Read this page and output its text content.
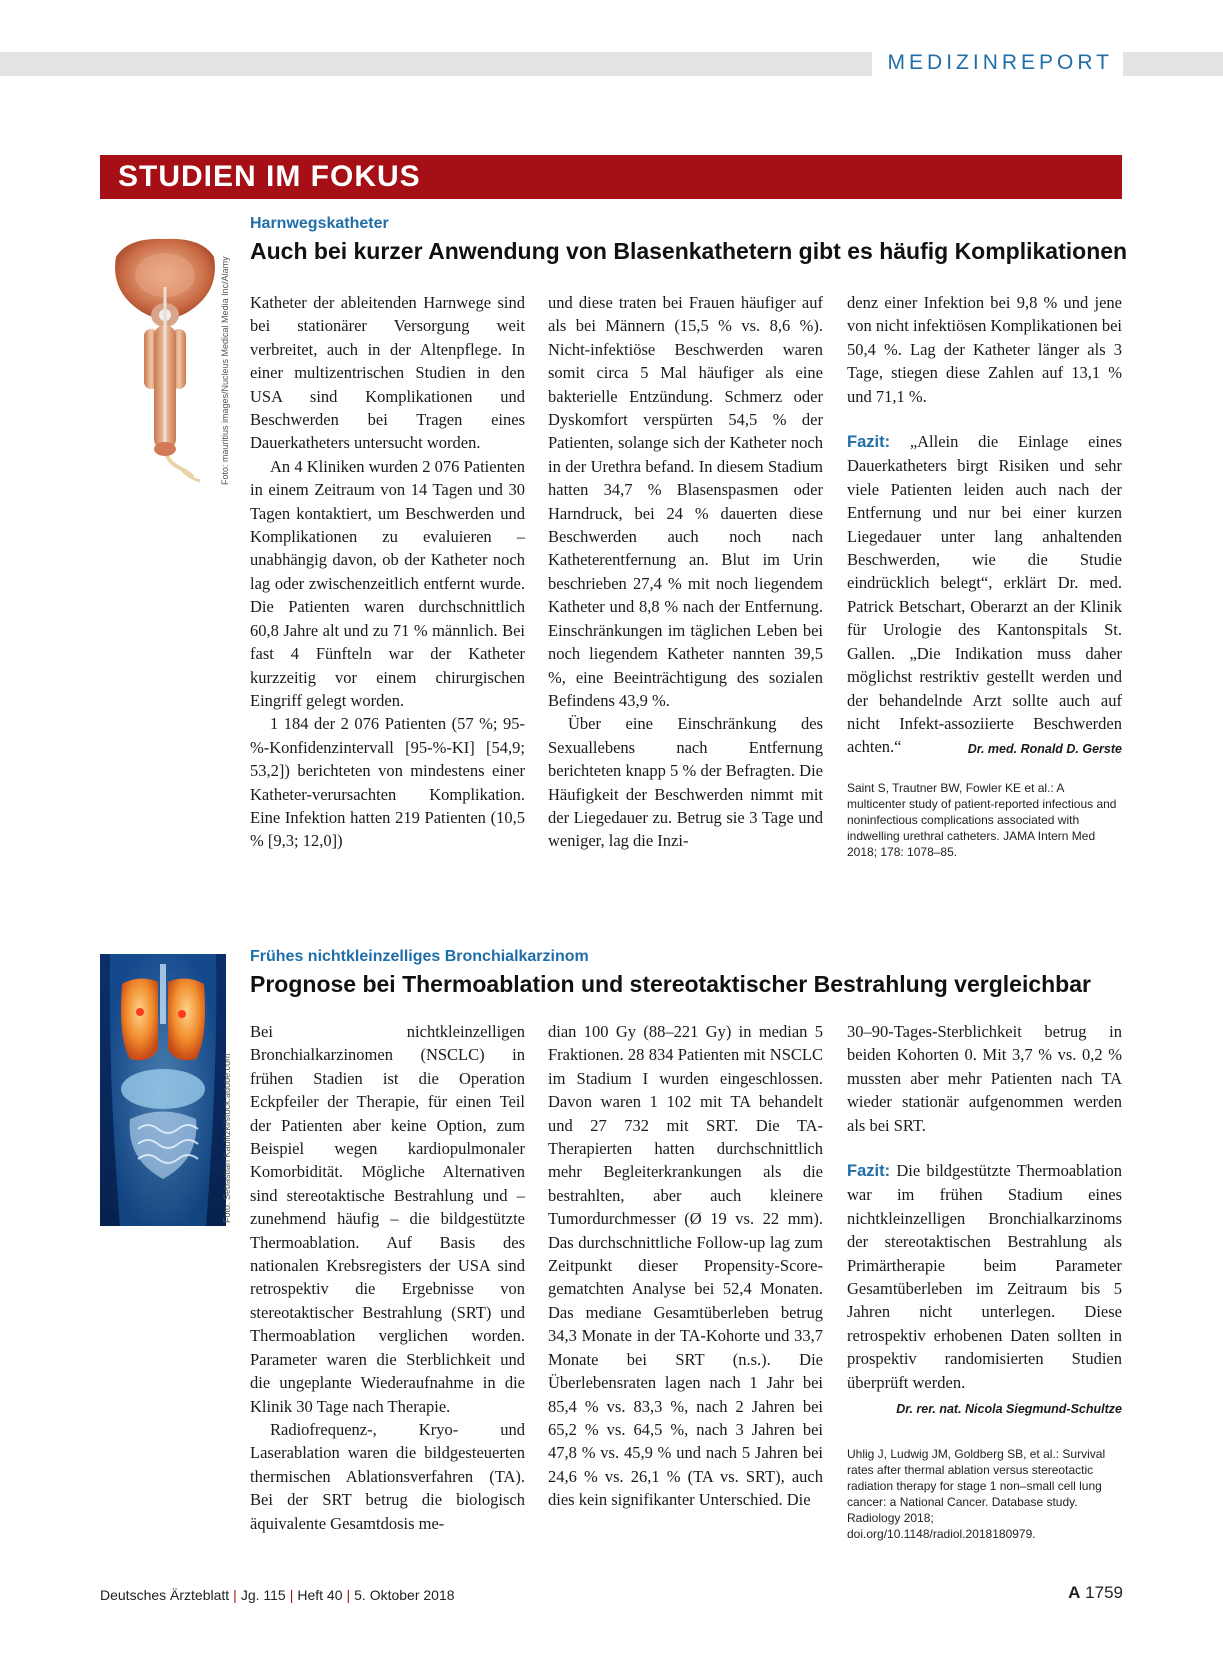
MEDIZINREPORT
STUDIEN IM FOKUS
Foto: mauritius images/Nucleus Medical Media Inc/Alamy
Harnwegskatheter
Auch bei kurzer Anwendung von Blasenkathetern gibt es häufig Komplikationen

Katheter der ableitenden Harnwege sind bei stationärer Versorgung weit verbreitet, auch in der Altenpflege. In einer multizentrischen Studien in den USA sind Komplikationen und Beschwerden bei Tragen eines Dauerkatheters untersucht worden.

An 4 Kliniken wurden 2 076 Patienten in einem Zeitraum von 14 Tagen und 30 Tagen kontaktiert, um Beschwerden und Komplikationen zu evaluieren – unabhängig davon, ob der Katheter noch lag oder zwischenzeitlich entfernt wurde. Die Patienten waren durchschnittlich 60,8 Jahre alt und zu 71 % männlich. Bei fast 4 Fünfteln war der Katheter kurzzeitig vor einem chirurgischen Eingriff gelegt worden.

1 184 der 2 076 Patienten (57 %; 95-%-Konfidenzintervall [95-%-KI] [54,9; 53,2]) berichteten von mindestens einer Katheter-verursachten Komplikation. Eine Infektion hatten 219 Patienten (10,5 % [9,3; 12,0])

und diese traten bei Frauen häufiger auf als bei Männern (15,5 % vs. 8,6 %). Nicht-infektiöse Beschwerden waren somit circa 5 Mal häufiger als eine bakterielle Entzündung. Schmerz oder Dyskomfort verspürten 54,5 % der Patienten, solange sich der Katheter noch in der Urethra befand. In diesem Stadium hatten 34,7 % Blasenspasmen oder Harndruck, bei 24 % dauerten diese Beschwerden auch noch nach Katheterentfernung an. Blut im Urin beschrieben 27,4 % mit noch liegendem Katheter und 8,8 % nach der Entfernung. Einschränkungen im täglichen Leben bei noch liegendem Katheter nannten 39,5 %, eine Beeinträchtigung des sozialen Befindens 43,9 %.

Über eine Einschränkung des Sexuallebens nach Entfernung berichteten knapp 5 % der Befragten. Die Häufigkeit der Beschwerden nimmt mit der Liegedauer zu. Betrug sie 3 Tage und weniger, lag die Inzi-

denz einer Infektion bei 9,8 % und jene von nicht infektiösen Komplikationen bei 50,4 %. Lag der Katheter länger als 3 Tage, stiegen diese Zahlen auf 13,1 % und 71,1 %.

Fazit: „Allein die Einlage eines Dauerkatheters birgt Risiken und sehr viele Patienten leiden auch nach der Entfernung und nur bei einer kurzen Liegedauer unter lang anhaltenden Beschwerden, wie die Studie eindrücklich belegt“, erklärt Dr. med. Patrick Betschart, Oberarzt an der Klinik für Urologie des Kantonspitals St. Gallen. „Die Indikation muss daher möglichst restriktiv gestellt werden und der behandelnde Arzt sollte auch auf nicht Infekt-assoziierte Beschwerden achten.“	Dr. med. Ronald D. Gerste

Saint S, Trautner BW, Fowler KE et al.: A multicenter study of patient-reported infectious and noninfectious complications associated with indwelling urethral catheters. JAMA Intern Med 2018; 178: 1078–85.

Foto: Sebastian Kaulitzki/stock.adobe.com
Frühes nichtkleinzelliges Bronchialkarzinom
Prognose bei Thermoablation und stereotaktischer Bestrahlung vergleichbar

Bei nichtkleinzelligen Bronchialkarzinomen (NSCLC) in frühen Stadien ist die Operation Eckpfeiler der Therapie, für einen Teil der Patienten aber keine Option, zum Beispiel wegen kardiopulmonaler Komorbidität. Mögliche Alternativen sind stereotaktische Bestrahlung und – zunehmend häufig – die bildgestützte Thermoablation. Auf Basis des nationalen Krebsregisters der USA sind retrospektiv die Ergebnisse von stereotaktischer Bestrahlung (SRT) und Thermoablation verglichen worden. Parameter waren die Sterblichkeit und die ungeplante Wiederaufnahme in die Klinik 30 Tage nach Therapie.

Radiofrequenz-, Kryo- und Laserablation waren die bildgesteuerten thermischen Ablationsverfahren (TA). Bei der SRT betrug die biologisch äquivalente Gesamtdosis me-

dian 100 Gy (88–221 Gy) in median 5 Fraktionen. 28 834 Patienten mit NSCLC im Stadium I wurden eingeschlossen. Davon waren 1 102 mit TA behandelt und 27 732 mit SRT. Die TA-Therapierten hatten durchschnittlich mehr Begleiterkrankungen als die bestrahlten, aber auch kleinere Tumordurchmesser (Ø 19 vs. 22 mm). Das durchschnittliche Follow-up lag zum Zeitpunkt dieser Propensity-Score-gematchten Analyse bei 52,4 Monaten. Das mediane Gesamtüberleben betrug 34,3 Monate in der TA-Kohorte und 33,7 Monate bei SRT (n.s.). Die Überlebensraten lagen nach 1 Jahr bei 85,4 % vs. 83,3 %, nach 2 Jahren bei 65,2 % vs. 64,5 %, nach 3 Jahren bei 47,8 % vs. 45,9 % und nach 5 Jahren bei 24,6 % vs. 26,1 % (TA vs. SRT), auch dies kein signifikanter Unterschied. Die

30–90-Tages-Sterblichkeit betrug in beiden Kohorten 0. Mit 3,7 % vs. 0,2 % mussten aber mehr Patienten nach TA wieder stationär aufgenommen werden als bei SRT.

Fazit: Die bildgestützte Thermoablation war im frühen Stadium eines nichtkleinzelligen Bronchialkarzinoms der stereotaktischen Bestrahlung als Primärtherapie beim Parameter Gesamtüberleben im Zeitraum bis 5 Jahren nicht unterlegen. Diese retrospektiv erhobenen Daten sollten in prospektiv randomisierten Studien überprüft werden.

Dr. rer. nat. Nicola Siegmund-Schultze

Uhlig J, Ludwig JM, Goldberg SB, et al.: Survival rates after thermal ablation versus stereotactic radiation therapy for stage 1 non–small cell lung cancer: a National Cancer. Database study. Radiology 2018; doi.org/10.1148/radiol.2018180979.

Deutsches Ärzteblatt | Jg. 115 | Heft 40 | 5. Oktober 2018	A 1759
